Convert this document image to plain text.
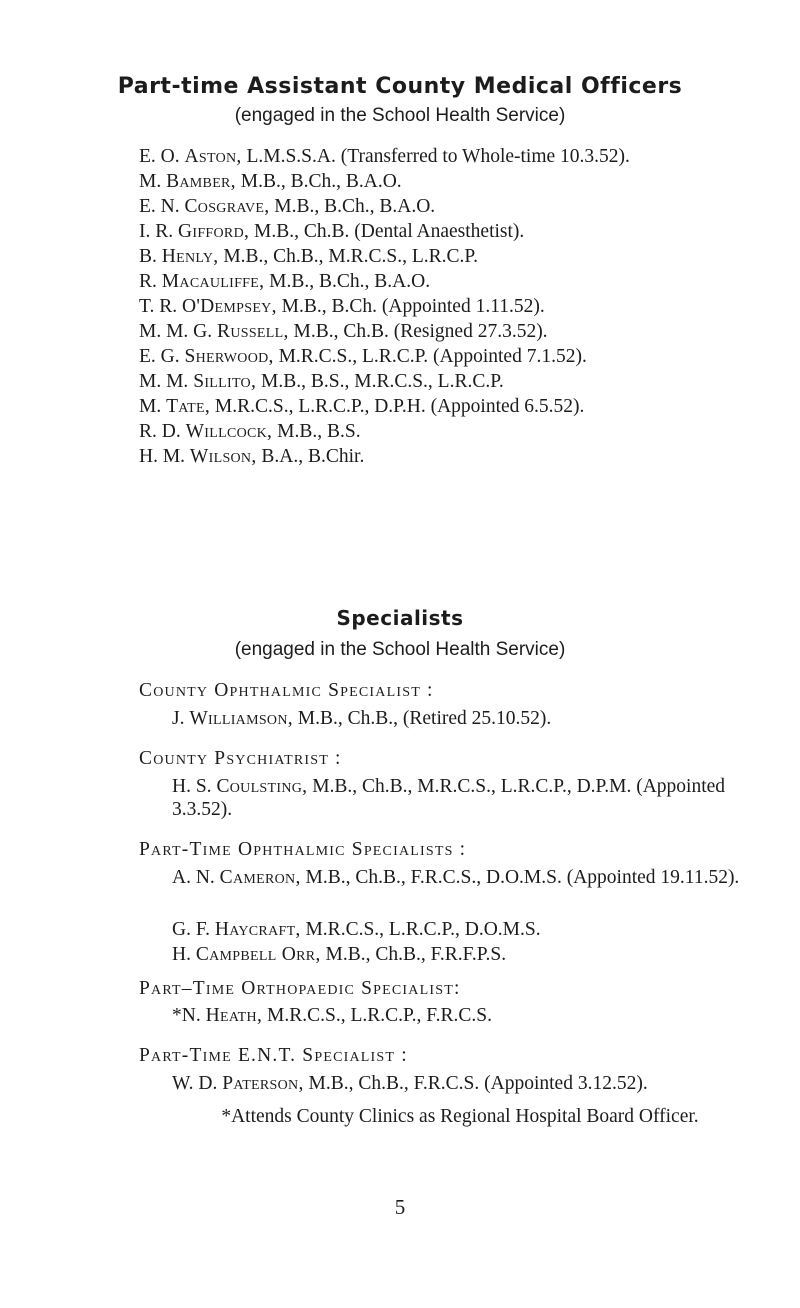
Part-time Assistant County Medical Officers
(engaged in the School Health Service)
E. O. Aston, L.M.S.S.A. (Transferred to Whole-time 10.3.52).
M. Bamber, M.B., B.Ch., B.A.O.
E. N. Cosgrave, M.B., B.Ch., B.A.O.
I. R. Gifford, M.B., Ch.B. (Dental Anaesthetist).
B. Henly, M.B., Ch.B., M.R.C.S., L.R.C.P.
R. Macauliffe, M.B., B.Ch., B.A.O.
T. R. O'Dempsey, M.B., B.Ch. (Appointed 1.11.52).
M. M. G. Russell, M.B., Ch.B. (Resigned 27.3.52).
E. G. Sherwood, M.R.C.S., L.R.C.P. (Appointed 7.1.52).
M. M. Sillito, M.B., B.S., M.R.C.S., L.R.C.P.
M. Tate, M.R.C.S., L.R.C.P., D.P.H. (Appointed 6.5.52).
R. D. Willcock, M.B., B.S.
H. M. Wilson, B.A., B.Chir.
Specialists
(engaged in the School Health Service)
County Ophthalmic Specialist :
J. Williamson, M.B., Ch.B., (Retired 25.10.52).
County Psychiatrist :
H. S. Coulsting, M.B., Ch.B., M.R.C.S., L.R.C.P., D.P.M. (Appointed 3.3.52).
Part-Time Ophthalmic Specialists :
A. N. Cameron, M.B., Ch.B., F.R.C.S., D.O.M.S. (Appointed 19.11.52).
G. F. Haycraft, M.R.C.S., L.R.C.P., D.O.M.S.
H. Campbell Orr, M.B., Ch.B., F.R.F.P.S.
Part–Time Orthopaedic Specialist:
*N. Heath, M.R.C.S., L.R.C.P., F.R.C.S.
Part-Time E.N.T. Specialist :
W. D. Paterson, M.B., Ch.B., F.R.C.S. (Appointed 3.12.52).
*Attends County Clinics as Regional Hospital Board Officer.
5
